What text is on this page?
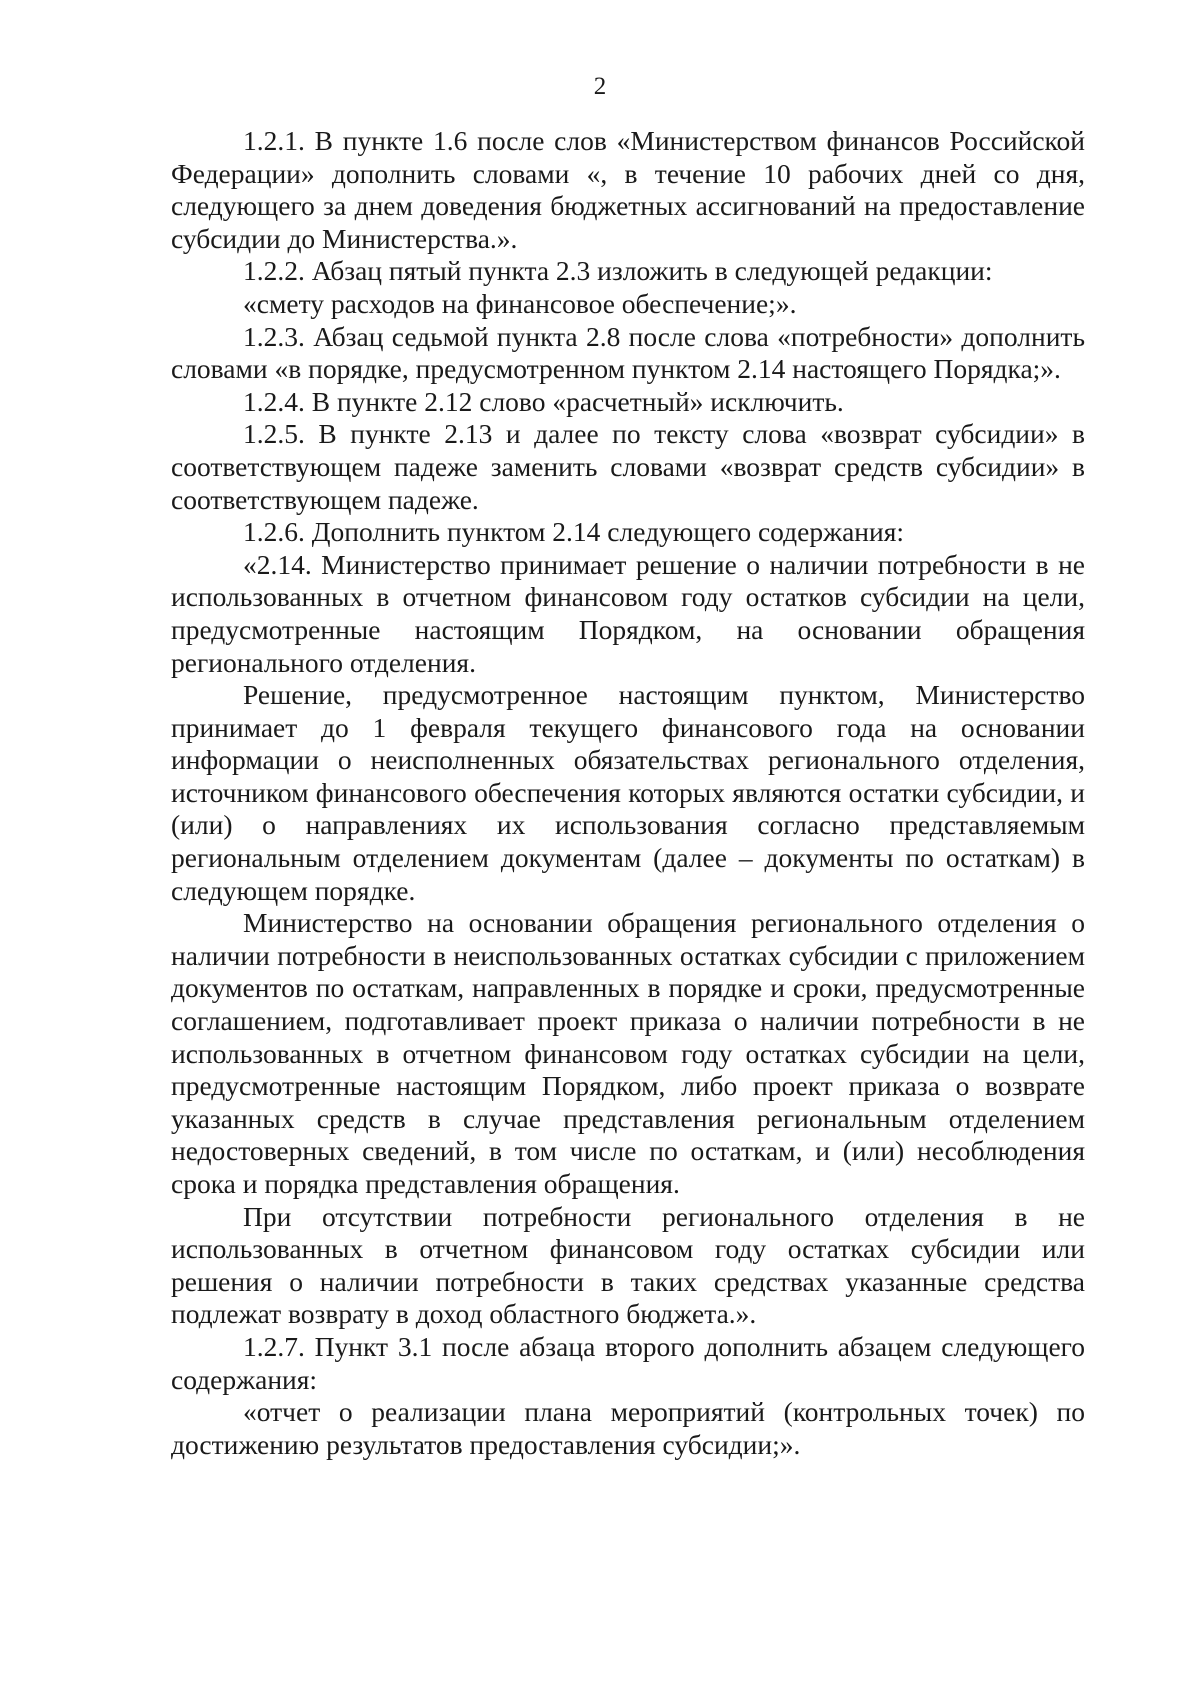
2

1.2.1. В пункте 1.6 после слов «Министерством финансов Российской Федерации» дополнить словами «, в течение 10 рабочих дней со дня, следующего за днем доведения бюджетных ассигнований на предоставление субсидии до Министерства.».

1.2.2. Абзац пятый пункта 2.3 изложить в следующей редакции:

«смету расходов на финансовое обеспечение;».

1.2.3. Абзац седьмой пункта 2.8 после слова «потребности» дополнить словами «в порядке, предусмотренном пунктом 2.14 настоящего Порядка;».

1.2.4. В пункте 2.12 слово «расчетный» исключить.

1.2.5. В пункте 2.13 и далее по тексту слова «возврат субсидии» в соответствующем падеже заменить словами «возврат средств субсидии» в соответствующем падеже.

1.2.6. Дополнить пунктом 2.14 следующего содержания:

«2.14. Министерство принимает решение о наличии потребности в не использованных в отчетном финансовом году остатков субсидии на цели, предусмотренные настоящим Порядком, на основании обращения регионального отделения.

Решение, предусмотренное настоящим пунктом, Министерство принимает до 1 февраля текущего финансового года на основании информации о неисполненных обязательствах регионального отделения, источником финансового обеспечения которых являются остатки субсидии, и (или) о направлениях их использования согласно представляемым региональным отделением документам (далее – документы по остаткам) в следующем порядке.

Министерство на основании обращения регионального отделения о наличии потребности в неиспользованных остатках субсидии с приложением документов по остаткам, направленных в порядке и сроки, предусмотренные соглашением, подготавливает проект приказа о наличии потребности в не использованных в отчетном финансовом году остатках субсидии на цели, предусмотренные настоящим Порядком, либо проект приказа о возврате указанных средств в случае представления региональным отделением недостоверных сведений, в том числе по остаткам, и (или) несоблюдения срока и порядка представления обращения.

При отсутствии потребности регионального отделения в не использованных в отчетном финансовом году остатках субсидии или решения о наличии потребности в таких средствах указанные средства подлежат возврату в доход областного бюджета.».

1.2.7. Пункт 3.1 после абзаца второго дополнить абзацем следующего содержания:

«отчет о реализации плана мероприятий (контрольных точек) по достижению результатов предоставления субсидии;».
